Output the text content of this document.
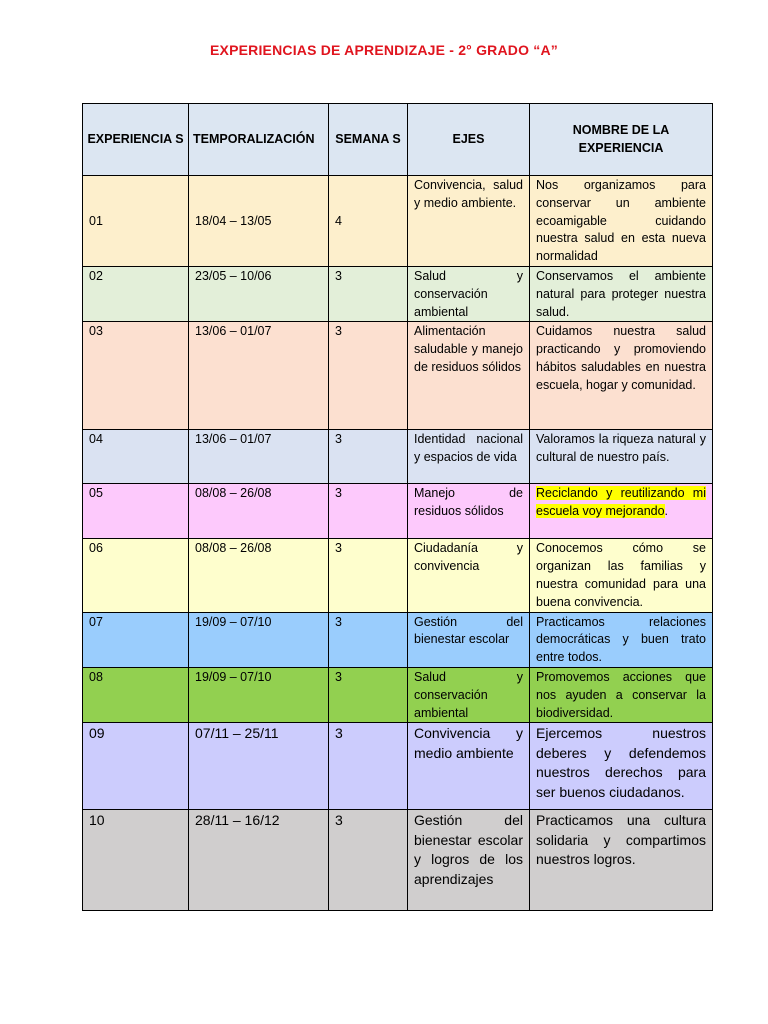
EXPERIENCIAS DE APRENDIZAJE - 2° GRADO “A”
EXPERIENCIA S	TEMPORALIZACIÓN	SEMANA S	EJES	NOMBRE DE LA EXPERIENCIA
01	18/04 – 13/05	4	Convivencia, salud y medio ambiente.	Nos organizamos para conservar un ambiente ecoamigable cuidando nuestra salud en esta nueva normalidad
02	23/05 – 10/06	3	Salud y conservación ambiental	Conservamos el ambiente natural para proteger nuestra salud.
03	13/06 – 01/07	3	Alimentación saludable y manejo de residuos sólidos	Cuidamos nuestra salud practicando y promoviendo hábitos saludables en nuestra escuela, hogar y comunidad.
04	13/06 – 01/07	3	Identidad nacional y espacios de vida	Valoramos la riqueza natural y cultural de nuestro país.
05	08/08 – 26/08	3	Manejo de residuos sólidos	Reciclando y reutilizando mi escuela voy mejorando.
06	08/08 – 26/08	3	Ciudadanía y convivencia	Conocemos cómo se organizan las familias y nuestra comunidad para una buena convivencia.
07	19/09 – 07/10	3	Gestión del bienestar escolar	Practicamos relaciones democráticas y buen trato entre todos.
08	19/09 – 07/10	3	Salud y conservación ambiental	Promovemos acciones que nos ayuden a conservar la biodiversidad.
09	07/11 – 25/11	3	Convivencia y medio ambiente	Ejercemos nuestros deberes y defendemos nuestros derechos para ser buenos ciudadanos.
10	28/11 – 16/12	3	Gestión del bienestar escolar y logros de los aprendizajes	Practicamos una cultura solidaria y compartimos nuestros logros.
